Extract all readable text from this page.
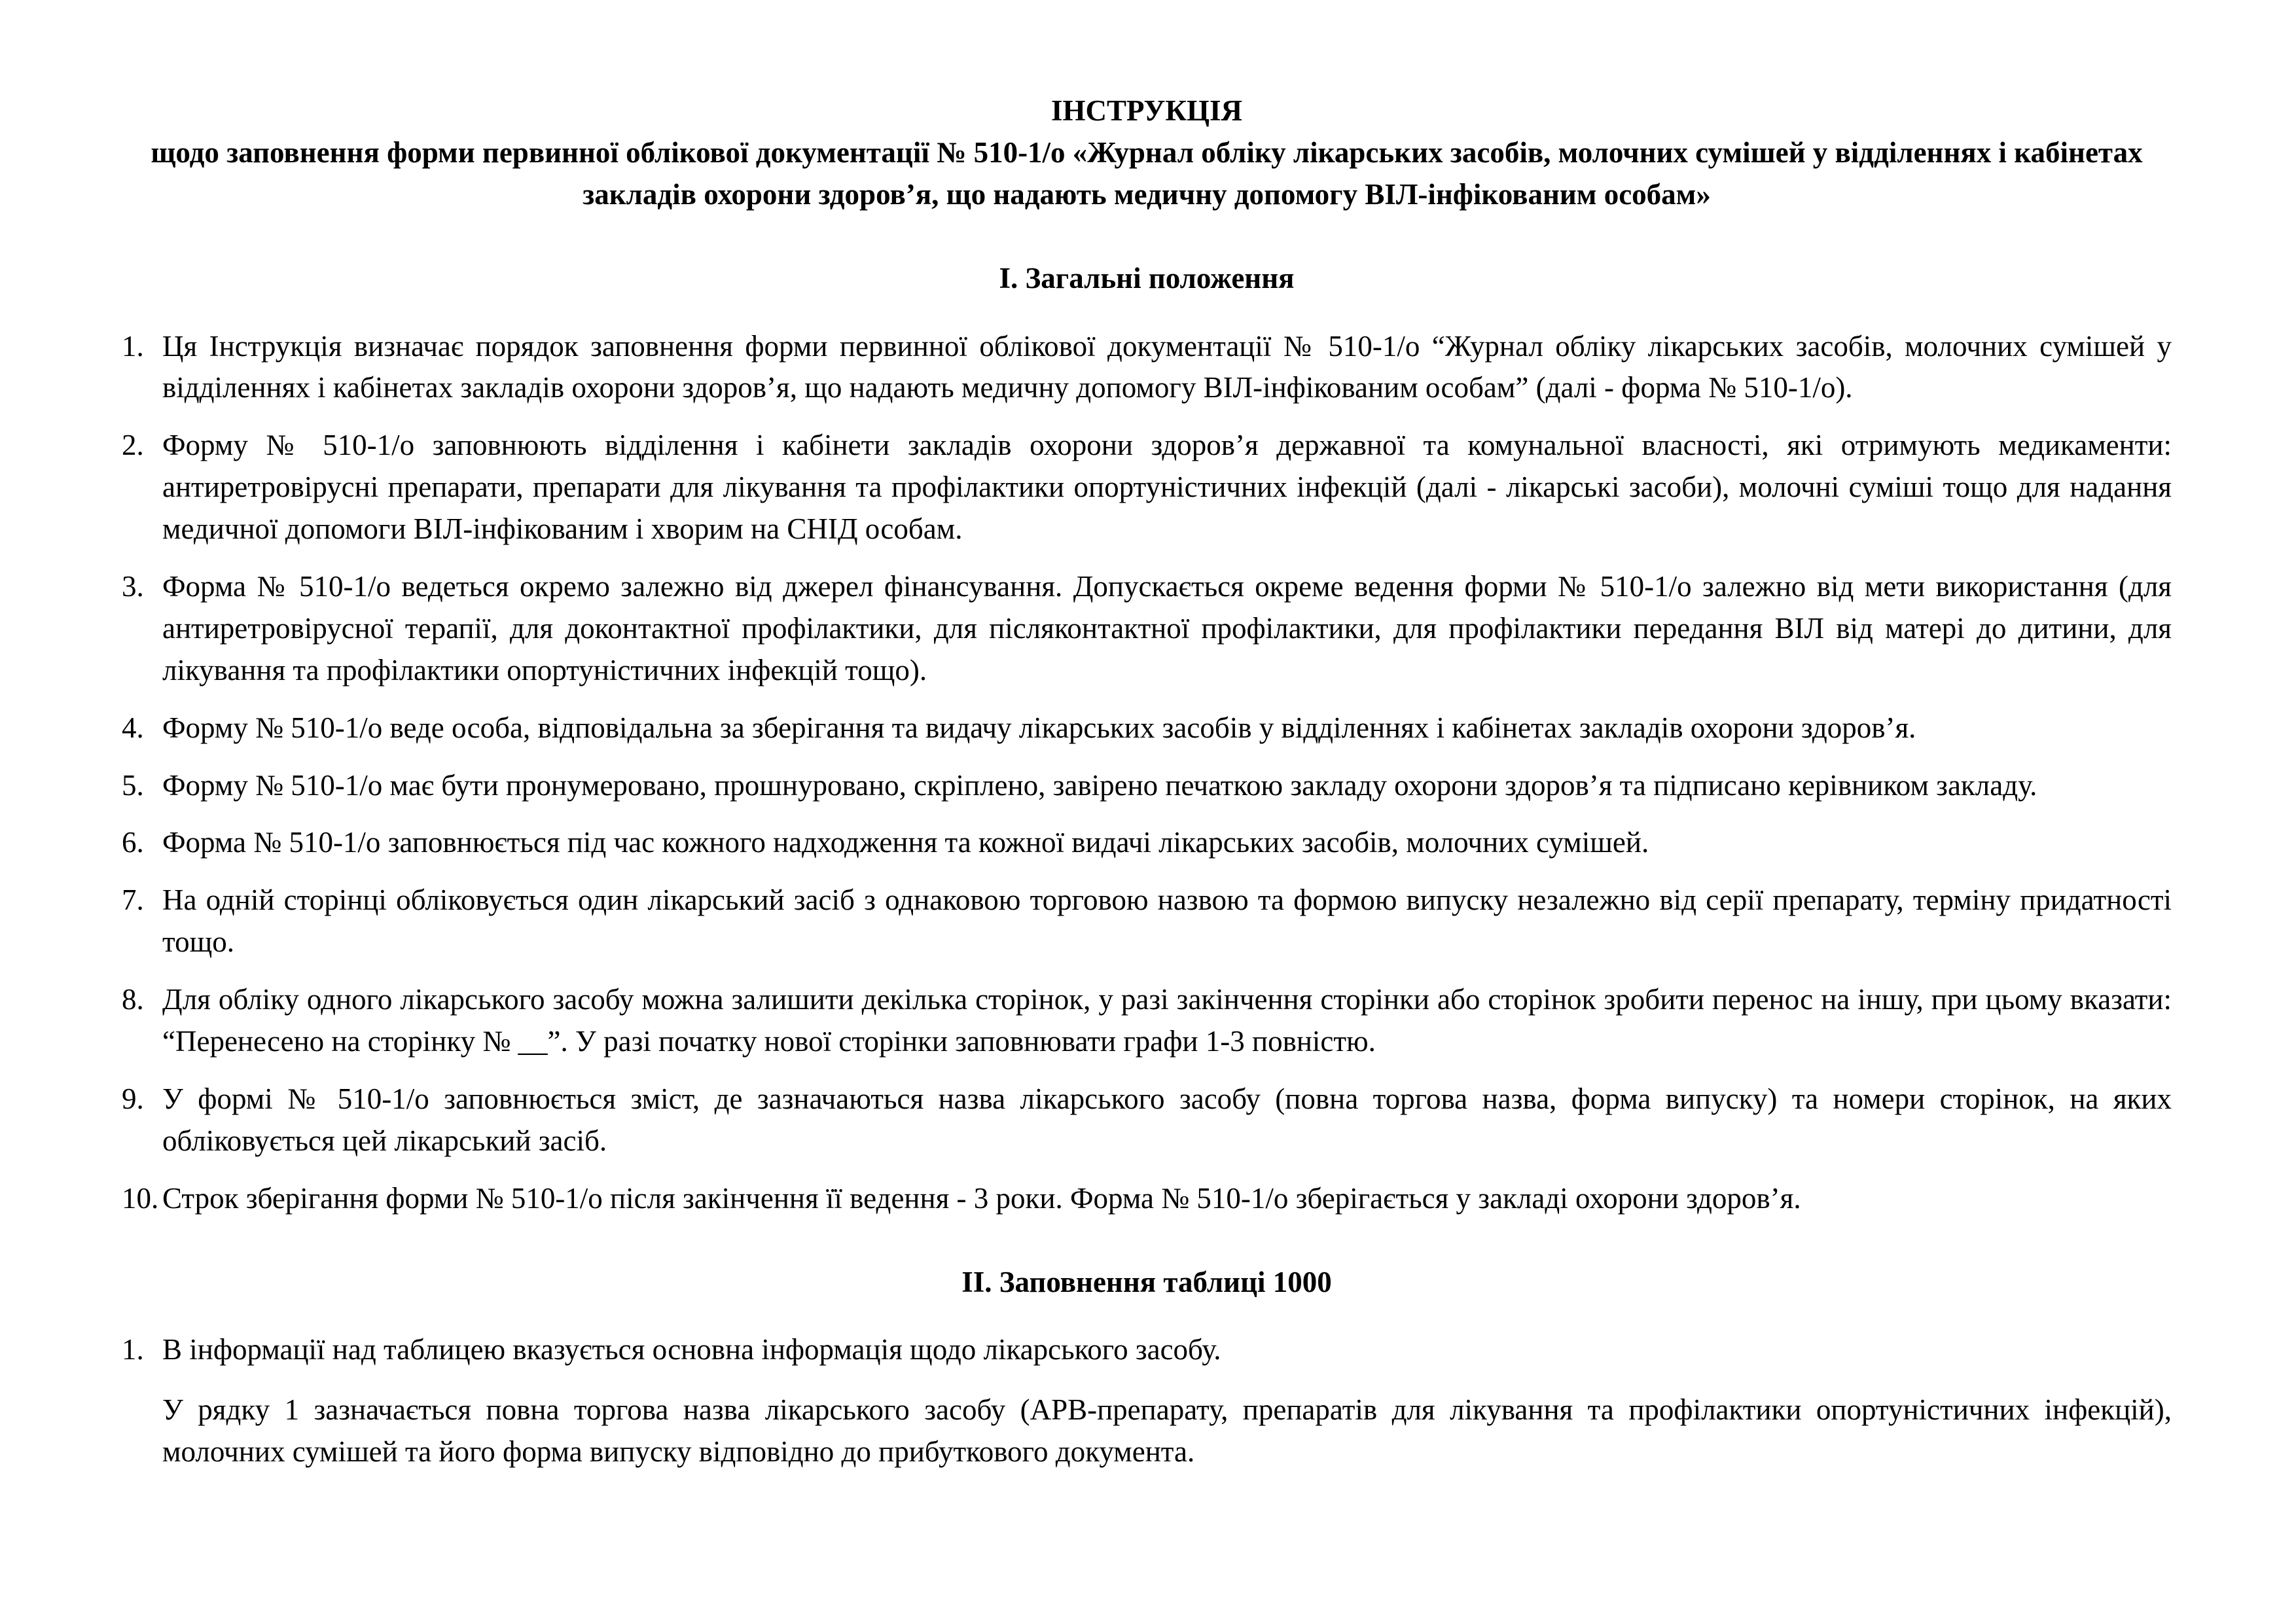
ІНСТРУКЦІЯ

щодо заповнення форми первинної облікової документації № 510-1/о «Журнал обліку лікарських засобів, молочних сумішей у відділеннях і кабінетах закладів охорони здоров’я, що надають медичну допомогу ВІЛ-інфікованим особам»

І. Загальні положення
1. Ця Інструкція визначає порядок заповнення форми первинної облікової документації № 510-1/о “Журнал обліку лікарських засобів, молочних сумішей у відділеннях і кабінетах закладів охорони здоров’я, що надають медичну допомогу ВІЛ-інфікованим особам” (далі - форма № 510-1/о).
2. Форму № 510-1/о заповнюють відділення і кабінети закладів охорони здоров’я державної та комунальної власності, які отримують медикаменти: антиретровірусні препарати, препарати для лікування та профілактики опортуністичних інфекцій (далі - лікарські засоби), молочні суміші тощо для надання медичної допомоги ВІЛ-інфікованим і хворим на СНІД особам.
3. Форма № 510-1/о ведеться окремо залежно від джерел фінансування. Допускається окреме ведення форми № 510-1/о залежно від мети використання (для антиретровірусної терапії, для доконтактної профілактики, для післяконтактної профілактики, для профілактики передання ВІЛ від матері до дитини, для лікування та профілактики опортуністичних інфекцій тощо).
4. Форму № 510-1/о веде особа, відповідальна за зберігання та видачу лікарських засобів у відділеннях і кабінетах закладів охорони здоров’я.
5. Форму № 510-1/о має бути пронумеровано, прошнуровано, скріплено, завірено печаткою закладу охорони здоров’я та підписано керівником закладу.
6. Форма № 510-1/о заповнюється під час кожного надходження та кожної видачі лікарських засобів, молочних сумішей.
7. На одній сторінці обліковується один лікарський засіб з однаковою торговою назвою та формою випуску незалежно від серії препарату, терміну придатності тощо.
8. Для обліку одного лікарського засобу можна залишити декілька сторінок, у разі закінчення сторінки або сторінок зробити перенос на іншу, при цьому вказати: “Перенесено на сторінку № __”. У разі початку нової сторінки заповнювати графи 1-3 повністю.
9. У формі № 510-1/о заповнюється зміст, де зазначаються назва лікарського засобу (повна торгова назва, форма випуску) та номери сторінок, на яких обліковується цей лікарський засіб.
10. Строк зберігання форми № 510-1/о після закінчення її ведення - 3 роки. Форма № 510-1/о зберігається у закладі охорони здоров’я.
ІІ. Заповнення таблиці 1000
1. В інформації над таблицею вказується основна інформація щодо лікарського засобу.
У рядку 1 зазначається повна торгова назва лікарського засобу (АРВ-препарату, препаратів для лікування та профілактики опортуністичних інфекцій), молочних сумішей та його форма випуску відповідно до прибуткового документа.
